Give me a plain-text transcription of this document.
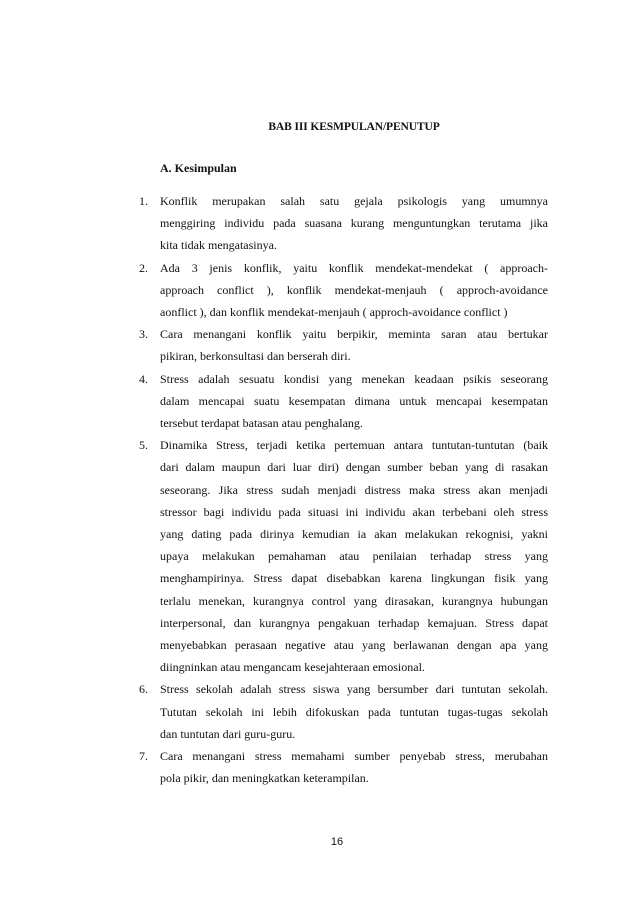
BAB III KESMPULAN/PENUTUP
A. Kesimpulan
1. Konflik merupakan salah satu gejala psikologis yang umumnya
menggiring individu pada suasana kurang menguntungkan terutama jika
kita tidak mengatasinya.
2. Ada 3 jenis konflik, yaitu konflik mendekat-mendekat ( approach-
approach conflict ), konflik mendekat-menjauh ( approch-avoidance
aonflict ), dan konflik mendekat-menjauh ( approch-avoidance conflict )
3. Cara menangani konflik yaitu berpikir, meminta saran atau bertukar
pikiran, berkonsultasi dan berserah diri.
4. Stress adalah sesuatu kondisi yang menekan keadaan psikis seseorang
dalam mencapai suatu kesempatan dimana untuk mencapai kesempatan
tersebut terdapat batasan atau penghalang.
5. Dinamika Stress, terjadi ketika pertemuan antara tuntutan-tuntutan (baik
dari dalam maupun dari luar diri) dengan sumber beban yang di rasakan
seseorang. Jika stress sudah menjadi distress maka stress akan menjadi
stressor bagi individu pada situasi ini individu akan terbebani oleh stress
yang dating pada dirinya kemudian ia akan melakukan rekognisi, yakni
upaya melakukan pemahaman atau penilaian terhadap stress yang
menghampirinya. Stress dapat disebabkan karena lingkungan fisik yang
terlalu menekan, kurangnya control yang dirasakan, kurangnya hubungan
interpersonal, dan kurangnya pengakuan terhadap kemajuan. Stress dapat
menyebabkan perasaan negative atau yang berlawanan dengan apa yang
diingninkan atau mengancam kesejahteraan emosional.
6. Stress sekolah adalah stress siswa yang bersumber dari tuntutan sekolah.
Tututan sekolah ini lebih difokuskan pada tuntutan tugas-tugas sekolah
dan tuntutan dari guru-guru.
7. Cara menangani stress memahami sumber penyebab stress, merubahan
pola pikir, dan meningkatkan keterampilan.
16
